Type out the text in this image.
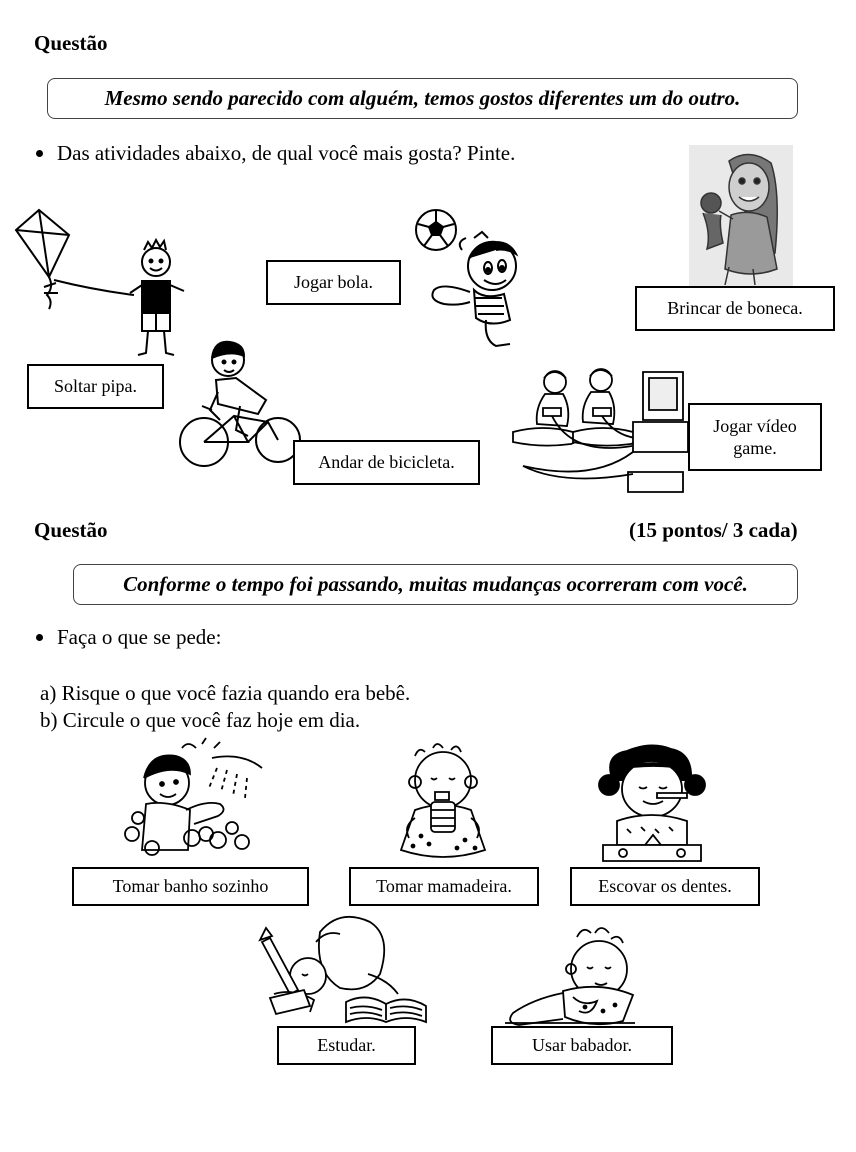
Questão
Mesmo sendo parecido com alguém, temos gostos diferentes um do outro.
Das atividades abaixo, de qual você mais gosta? Pinte.
Soltar pipa.
Jogar bola.
Brincar de boneca.
Andar de bicicleta.
Jogar vídeo game.
Questão	(15 pontos/ 3 cada)
Conforme o tempo foi passando, muitas mudanças ocorreram com você.
Faça o que se pede:
a) Risque o que você fazia quando era bebê.
b) Circule o que você faz hoje em dia.
Tomar banho sozinho	Tomar mamadeira.	Escovar os dentes.
Estudar.	Usar babador.
